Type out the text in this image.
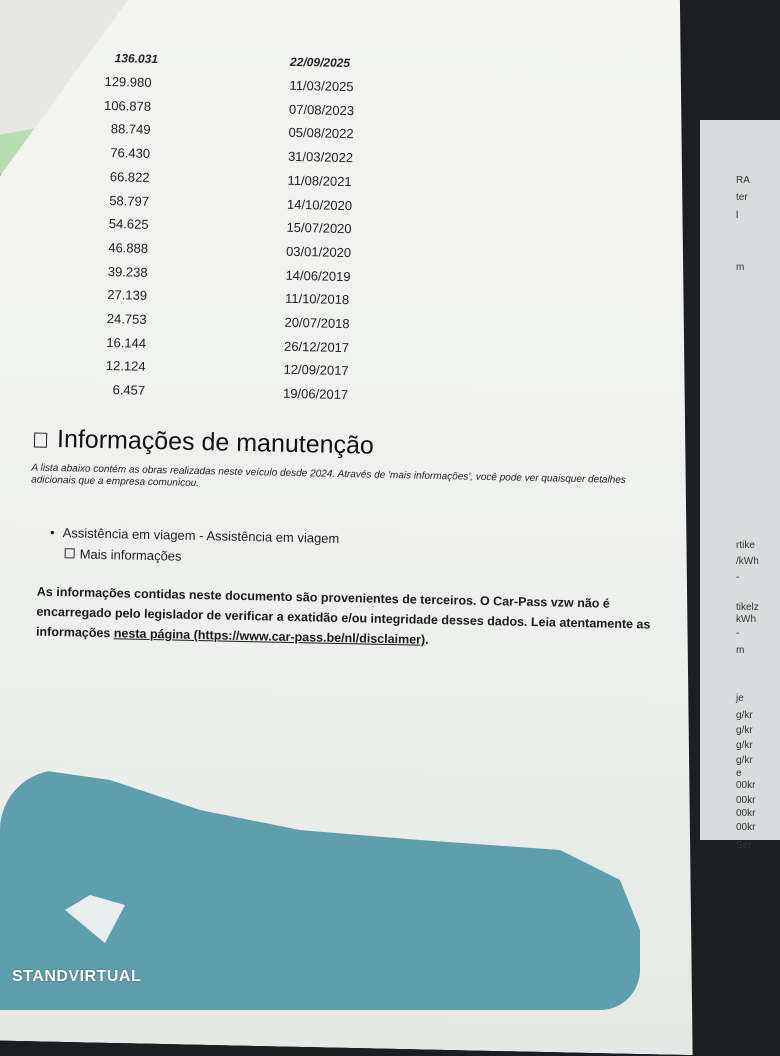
RA
ter
l
m
rtike
/kWh
-
tikelz
kWh
-
m
je
g/kr
g/kr
g/kr
g/kr
e
00kr
00kr
00kr
00kr
Ser
136.031	22/09/2025
129.980	11/03/2025
106.878	07/08/2023
88.749	05/08/2022
76.430	31/03/2022
66.822	11/08/2021
58.797	14/10/2020
54.625	15/07/2020
46.888	03/01/2020
39.238	14/06/2019
27.139	11/10/2018
24.753	20/07/2018
16.144	26/12/2017
12.124	12/09/2017
6.457	19/06/2017
Informações de manutenção
A lista abaixo contém as obras realizadas neste veículo desde 2024. Através de 'mais informações', você pode ver quaisquer detalhes adicionais que a empresa comunicou.
• Assistência em viagem - Assistência em viagem
Mais informações
As informações contidas neste documento são provenientes de terceiros. O Car-Pass vzw não é encarregado pelo legislador de verificar a exatidão e/ou integridade desses dados. Leia atentamente as informações nesta página (https://www.car-pass.be/nl/disclaimer).
STANDVIRTUAL
